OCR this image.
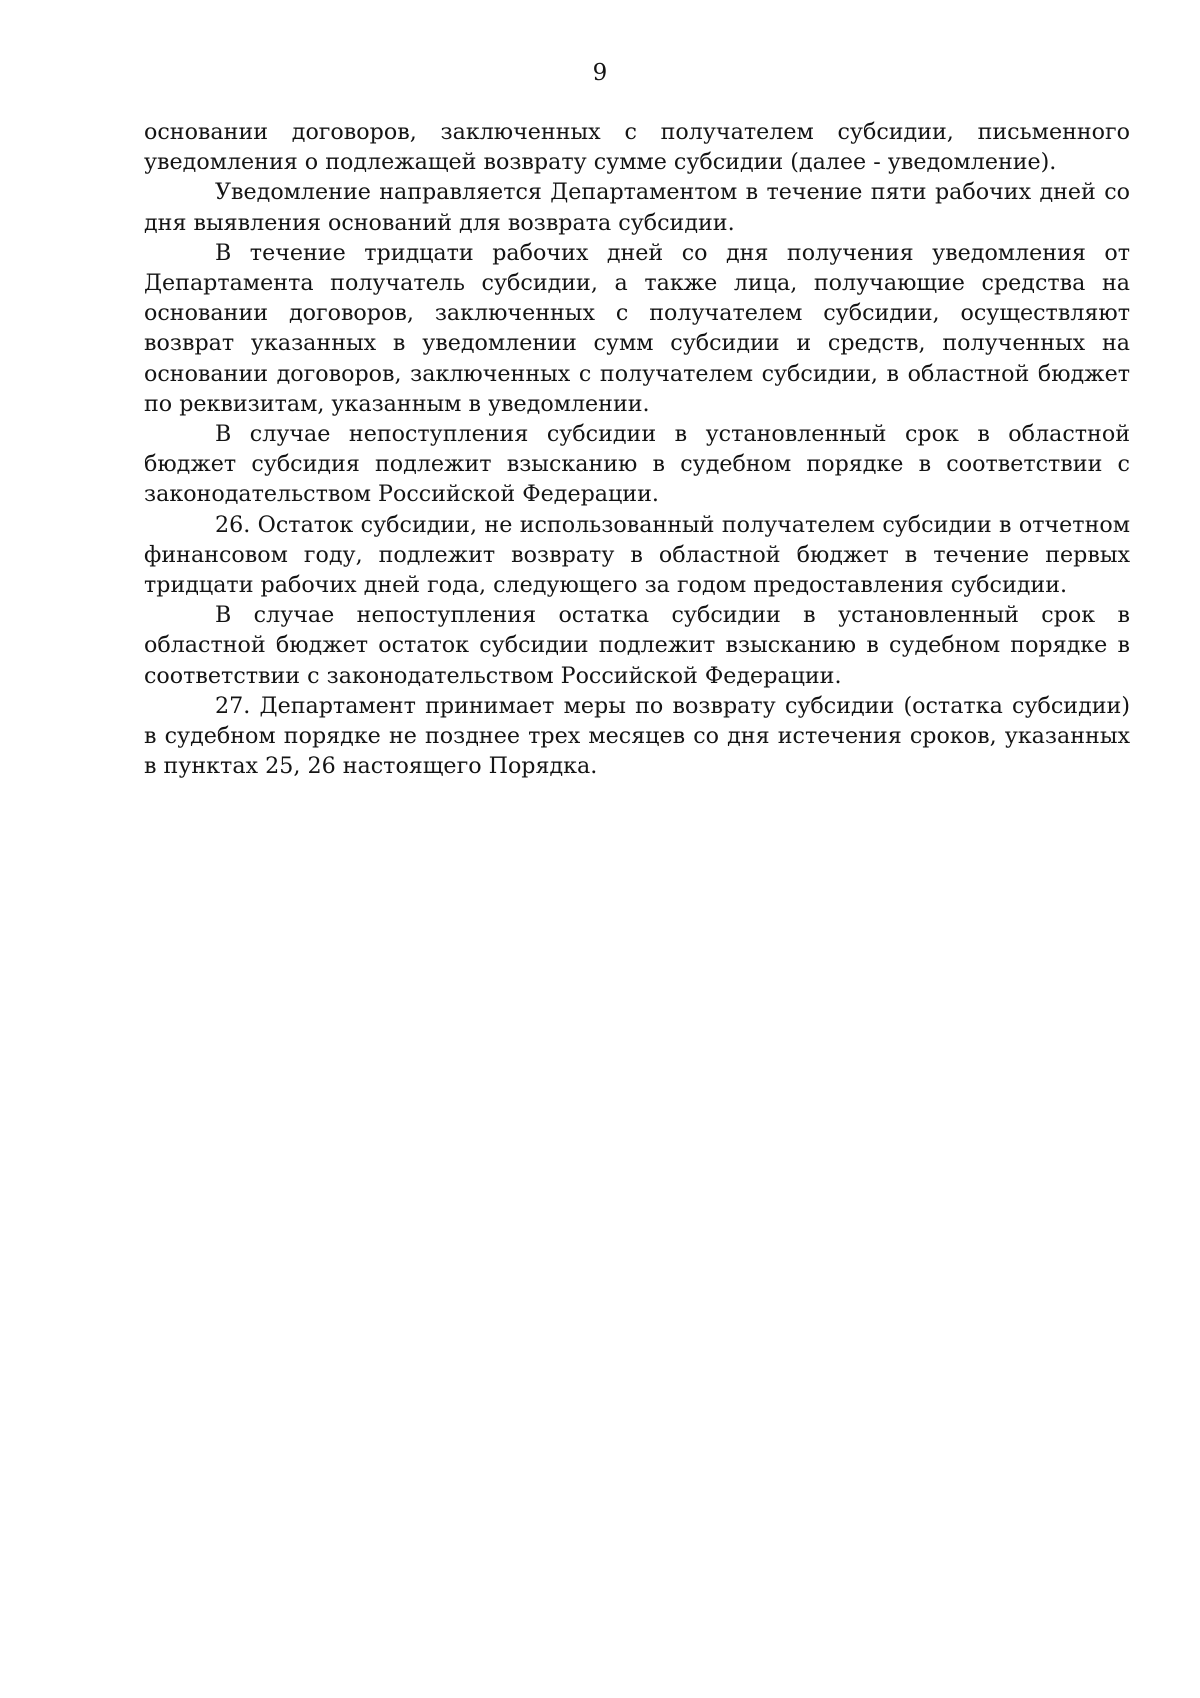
9

основании договоров, заключенных с получателем субсидии, письменного уведомления о подлежащей возврату сумме субсидии (далее - уведомление).

Уведомление направляется Департаментом в течение пяти рабочих дней со дня выявления оснований для возврата субсидии.

В течение тридцати рабочих дней со дня получения уведомления от Департамента получатель субсидии, а также лица, получающие средства на основании договоров, заключенных с получателем субсидии, осуществляют возврат указанных в уведомлении сумм субсидии и средств, полученных на основании договоров, заключенных с получателем субсидии, в областной бюджет по реквизитам, указанным в уведомлении.

В случае непоступления субсидии в установленный срок в областной бюджет субсидия подлежит взысканию в судебном порядке в соответствии с законодательством Российской Федерации.

26. Остаток субсидии, не использованный получателем субсидии в отчетном финансовом году, подлежит возврату в областной бюджет в течение первых тридцати рабочих дней года, следующего за годом предоставления субсидии.

В случае непоступления остатка субсидии в установленный срок в областной бюджет остаток субсидии подлежит взысканию в судебном порядке в соответствии с законодательством Российской Федерации.

27. Департамент принимает меры по возврату субсидии (остатка субсидии) в судебном порядке не позднее трех месяцев со дня истечения сроков, указанных в пунктах 25, 26 настоящего Порядка.
